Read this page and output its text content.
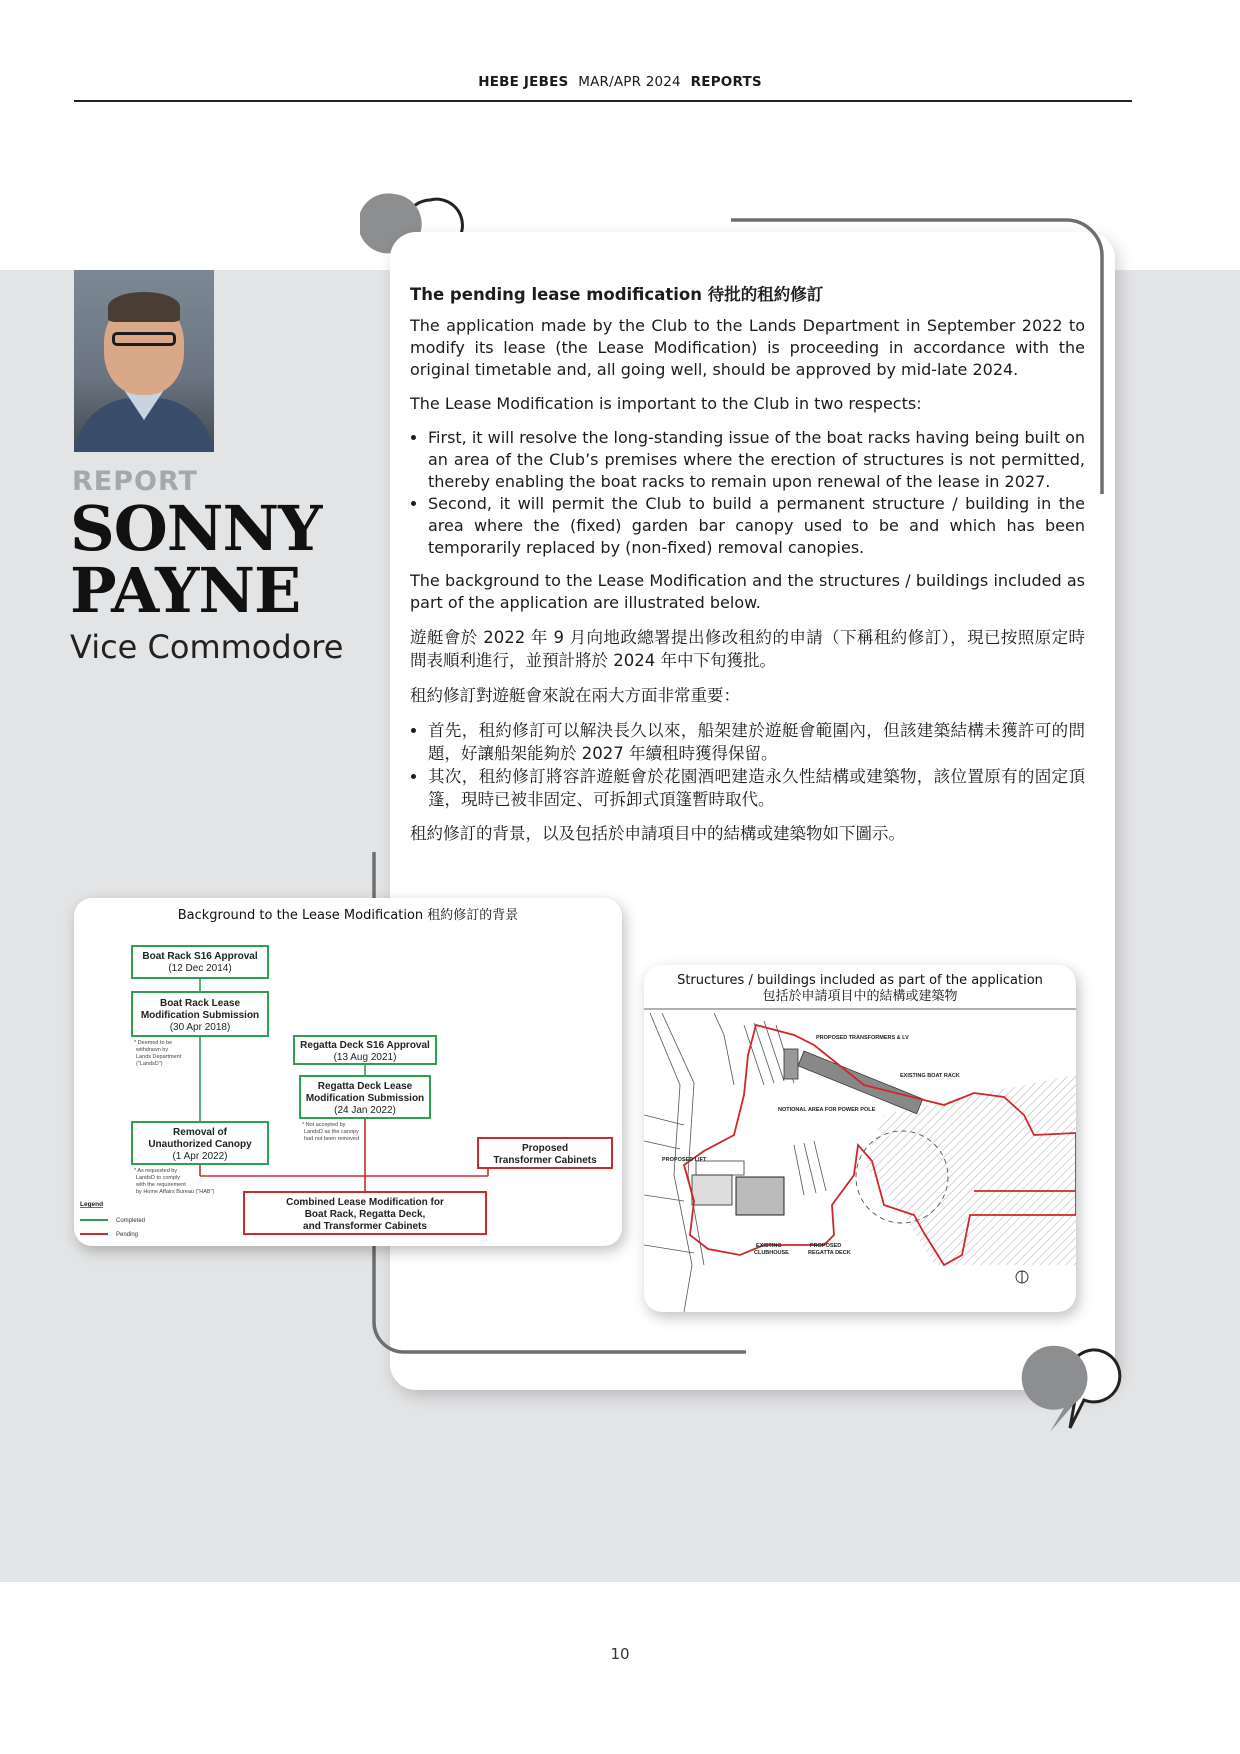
HEBE JEBES MAR/APR 2024 REPORTS
REPORT
SONNY
PAYNE
Vice Commodore
The pending lease modification 待批的租約修訂

The application made by the Club to the Lands Department in September 2022 to modify its lease (the Lease Modification) is proceeding in accordance with the original timetable and, all going well, should be approved by mid-late 2024.

The Lease Modification is important to the Club in two respects:

• First, it will resolve the long-standing issue of the boat racks having being built on an area of the Club’s premises where the erection of structures is not permitted, thereby enabling the boat racks to remain upon renewal of the lease in 2027.
• Second, it will permit the Club to build a permanent structure / building in the area where the (fixed) garden bar canopy used to be and which has been temporarily replaced by (non-fixed) removal canopies.

The background to the Lease Modification and the structures / buildings included as part of the application are illustrated below.

遊艇會於 2022 年 9 月向地政總署提出修改租約的申請（下稱租約修訂），現已按照原定時間表順利進行，並預計將於 2024 年中下旬獲批。

租約修訂對遊艇會來說在兩大方面非常重要：

• 首先，租約修訂可以解決長久以來，船架建於遊艇會範圍內，但該建築結構未獲許可的問題，好讓船架能夠於 2027 年續租時獲得保留。
• 其次，租約修訂將容許遊艇會於花園酒吧建造永久性結構或建築物，該位置原有的固定頂篷，現時已被非固定、可拆卸式頂篷暫時取代。

租約修訂的背景，以及包括於申請項目中的結構或建築物如下圖示。

Background to the Lease Modification 租約修訂的背景
Boat Rack S16 Approval
(12 Dec 2014)
Boat Rack Lease
Modification Submission
(30 Apr 2018)
* Deemed to be
withdrawn by
Lands Department
("LandsD")
Regatta Deck S16 Approval
(13 Aug 2021)
Regatta Deck Lease
Modification Submission
(24 Jan 2022)
* Not accepted by
LandsD as the canopy
had not been removed
Removal of
Unauthorized Canopy
(1 Apr 2022)
* As requested by
LandsD to comply
with the requirement
by Home Affairs Bureau ("HAB")
Proposed
Transformer Cabinets
Combined Lease Modification for
Boat Rack, Regatta Deck,
and Transformer Cabinets
Legend
Completed
Pending
Structures / buildings included as part of the application
包括於申請項目中的結構或建築物
PROPOSED TRANSFORMERS & LV
EXISTING BOAT RACK
NOTIONAL AREA FOR POWER POLE
PROPOSED LIFT
EXISTING
CLUBHOUSE
PROPOSED
REGATTA DECK
10
